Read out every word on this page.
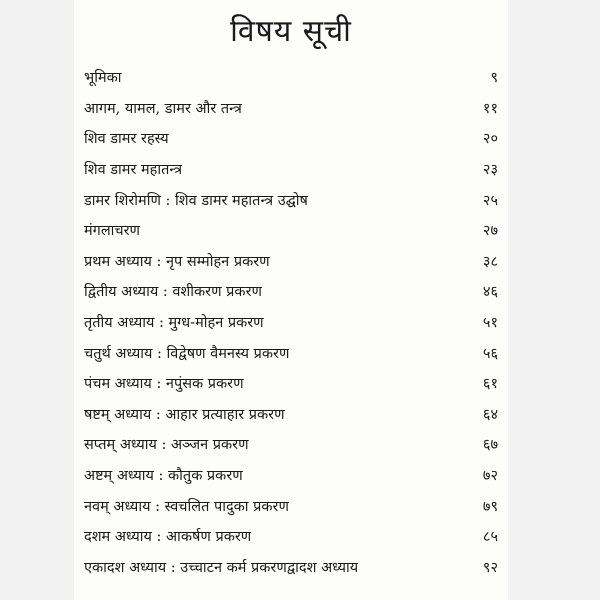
विषय सूची
भूमिका	९
आगम, यामल, डामर और तन्त्र	११
शिव डामर रहस्य	२०
शिव डामर महातन्त्र	२३
डामर शिरोमणि : शिव डामर महातन्त्र उद्घोष	२५
मंगलाचरण	२७
प्रथम अध्याय : नृप सम्मोहन प्रकरण	३८
द्वितीय अध्याय : वशीकरण प्रकरण	४६
तृतीय अध्याय : मुग्ध-मोहन प्रकरण	५१
चतुर्थ अध्याय : विद्वेषण वैमनस्य प्रकरण	५६
पंचम अध्याय : नपुंसक प्रकरण	६१
षष्टम् अध्याय : आहार प्रत्याहार प्रकरण	६४
सप्तम् अध्याय : अञ्जन प्रकरण	६७
अष्टम् अध्याय : कौतुक प्रकरण	७२
नवम् अध्याय : स्वचलित पादुका प्रकरण	७९
दशम अध्याय : आकर्षण प्रकरण	८५
एकादश अध्याय : उच्चाटन कर्म प्रकरणद्वादश अध्याय	९२
